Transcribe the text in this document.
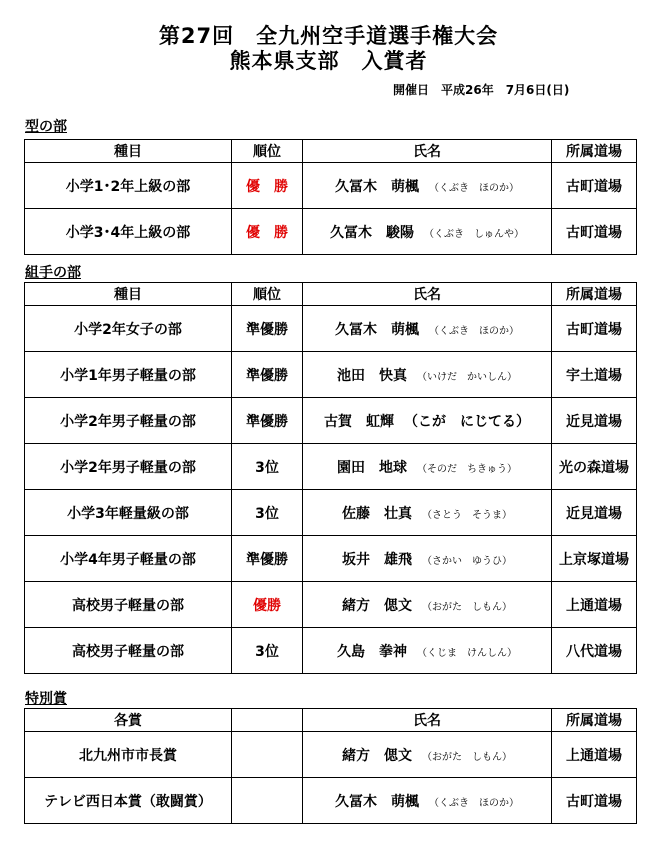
第27回　全九州空手道選手権大会
熊本県支部　入賞者
開催日　平成26年　7月6日(日)
型の部
種目	順位	氏名	所属道場
小学1･2年上級の部	優　勝	久冨木　萌楓 （くぶき　ほのか）	古町道場
小学3･4年上級の部	優　勝	久冨木　駿陽 （くぶき　しゅんや）	古町道場
組手の部
種目	順位	氏名	所属道場
小学2年女子の部	準優勝	久冨木　萌楓 （くぶき　ほのか）	古町道場
小学1年男子軽量の部	準優勝	池田　快真 （いけだ　かいしん）	宇土道場
小学2年男子軽量の部	準優勝	古賀　虹輝 （こが　にじてる）	近見道場
小学2年男子軽量の部	3位	園田　地球 （そのだ　ちきゅう）	光の森道場
小学3年軽量級の部	3位	佐藤　壮真 （さとう　そうま）	近見道場
小学4年男子軽量の部	準優勝	坂井　雄飛 （さかい　ゆうひ）	上京塚道場
高校男子軽量の部	優勝	緒方　偲文 （おがた　しもん）	上通道場
高校男子軽量の部	3位	久島　拳神 （くじま　けんしん）	八代道場
特別賞
各賞		氏名	所属道場
北九州市市長賞		緒方　偲文 （おがた　しもん）	上通道場
テレビ西日本賞（敢闘賞）		久冨木　萌楓 （くぶき　ほのか）	古町道場
